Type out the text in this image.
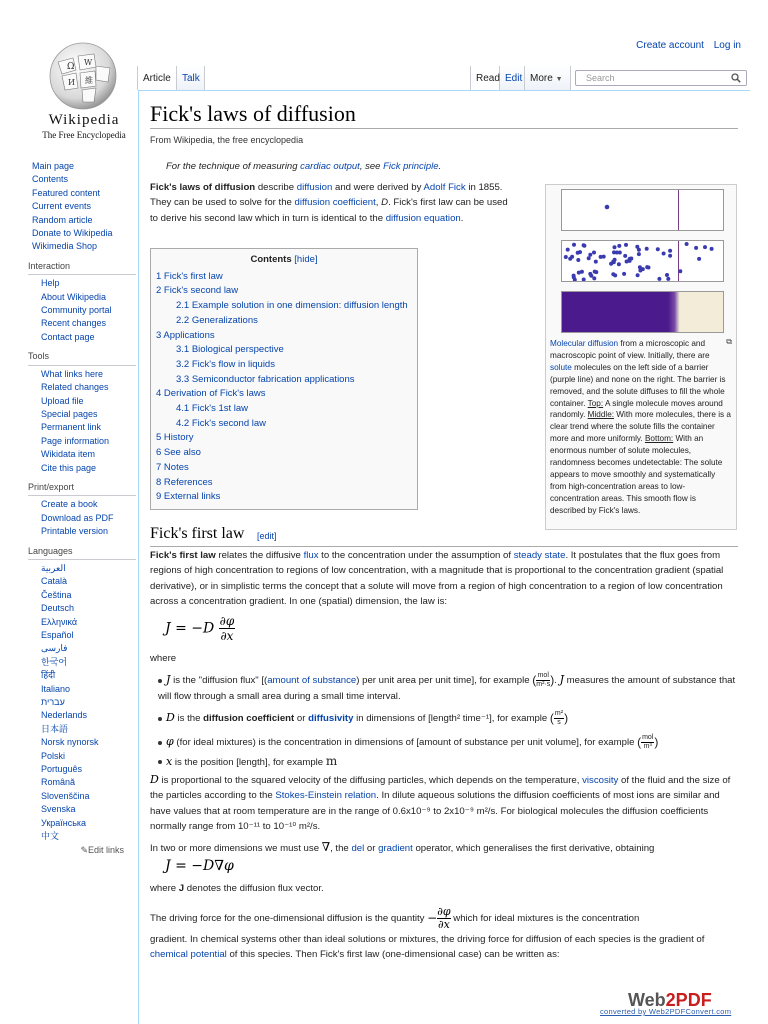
Ω W
И 維
Wikipedia
The Free Encyclopedia
Create account Log in
Main page
Contents
Featured content
Current events
Random article
Donate to Wikipedia
Wikimedia Shop
Interaction
Help
About Wikipedia
Community portal
Recent changes
Contact page
Tools
What links here
Related changes
Upload file
Special pages
Permanent link
Page information
Wikidata item
Cite this page
Print/export
Create a book
Download as PDF
Printable version
Languages
العربية
Català
Čeština
Deutsch
Ελληνικά
Español
فارسی
한국어
हिंदी
Italiano
עברית
Nederlands
日本語
Norsk nynorsk
Polski
Português
Română
Slovenščina
Svenska
Українська
中文
✎Edit links
Article	Talk	Read Edit More ▼	Search
Fick's laws of diffusion
From Wikipedia, the free encyclopedia
For the technique of measuring cardiac output, see Fick principle.

Fick's laws of diffusion describe diffusion and were derived by Adolf Fick in 1855. They can be used to solve for the diffusion coefficient, D. Fick's first law can be used to derive his second law which in turn is identical to the diffusion equation.

Contents [hide]
1 Fick's first law
2 Fick's second law
2.1 Example solution in one dimension: diffusion length
2.2 Generalizations
3 Applications
3.1 Biological perspective
3.2 Fick's flow in liquids
3.3 Semiconductor fabrication applications
4 Derivation of Fick's laws
4.1 Fick's 1st law
4.2 Fick's second law
5 History
6 See also
7 Notes
8 References
9 External links
⧉
Molecular diffusion from a microscopic and macroscopic point of view. Initially, there are solute molecules on the left side of a barrier (purple line) and none on the right. The barrier is removed, and the solute diffuses to fill the whole container. Top: A single molecule moves around randomly. Middle: With more molecules, there is a clear trend where the solute fills the container more and more uniformly. Bottom: With an enormous number of solute molecules, randomness becomes undetectable: The solute appears to move smoothly and systematically from high-concentration areas to low-concentration areas. This smooth flow is described by Fick's laws.
Fick's first law [edit]

Fick's first law relates the diffusive flux to the concentration under the assumption of steady state. It postulates that the flux goes from regions of high concentration to regions of low concentration, with a magnitude that is proportional to the concentration gradient (spatial derivative), or in simplistic terms the concept that a solute will move from a region of high concentration to a region of low concentration across a concentration gradient. In one (spatial) dimension, the law is:

$J = -D \frac{\partial\varphi}{\partial x}$

where

J is the "diffusion flux" [(amount of substance) per unit area per unit time], for example ( $\frac{\text{mol}}{\text{m²·s}}$). J measures the amount of substance that will flow through a small area during a small time interval.
D is the diffusion coefficient or diffusivity in dimensions of [length² time⁻¹], for example ( $\frac{\text{m²}}{s}$)
φ (for ideal mixtures) is the concentration in dimensions of [amount of substance per unit volume], for example ( $\frac{\text{mol}}{\text{m³}}$)
x is the position [length], for example m

D is proportional to the squared velocity of the diffusing particles, which depends on the temperature, viscosity of the fluid and the size of the particles according to the Stokes-Einstein relation. In dilute aqueous solutions the diffusion coefficients of most ions are similar and have values that at room temperature are in the range of 0.6x10⁻⁹ to 2x10⁻⁹ m²/s. For biological molecules the diffusion coefficients normally range from 10⁻¹¹ to 10⁻¹⁰ m²/s.

In two or more dimensions we must use ∇, the del or gradient operator, which generalises the first derivative, obtaining

J = −D∇φ

where J denotes the diffusion flux vector.

The driving force for the one-dimensional diffusion is the quantity − $\frac{\partial\varphi}{\partial x}$ which for ideal mixtures is the concentration

gradient. In chemical systems other than ideal solutions or mixtures, the driving force for diffusion of each species is the gradient of chemical potential of this species. Then Fick's first law (one-dimensional case) can be written as:

Web2PDF
converted by Web2PDFConvert.com
